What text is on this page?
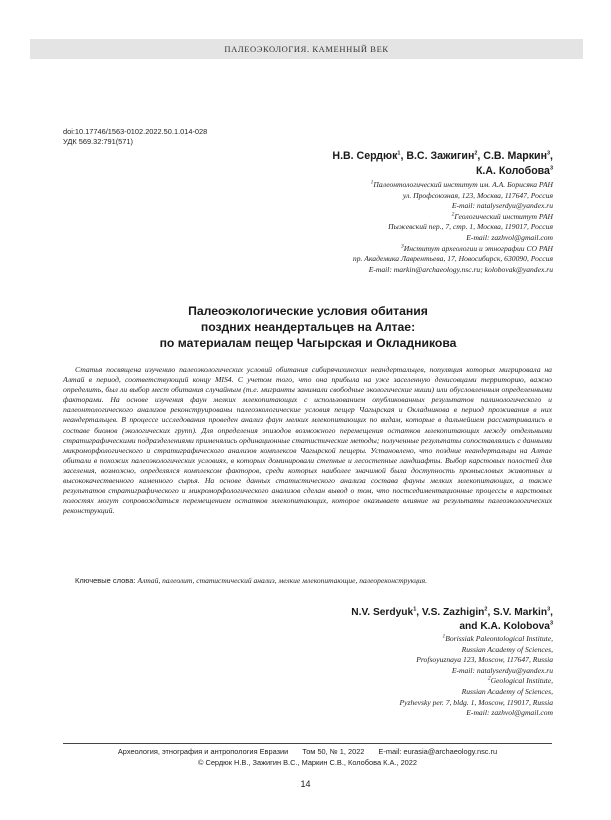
ПАЛЕОЭКОЛОГИЯ. КАМЕННЫЙ ВЕК
doi:10.17746/1563-0102.2022.50.1.014-028
УДК 569.32:791(571)
Н.В. Сердюк$^1$, В.С. Зажигин$^2$, С.В. Маркин$^3$,
К.А. Колобова$^3$
$^1$Палеонтологический институт им. А.А. Борисяка РАН
ул. Профсоюзная, 123, Москва, 117647, Россия
E-mail: natalyserdyu@yandex.ru
$^2$Геологический институт РАН
Пыжевский пер., 7, стр. 1, Москва, 119017, Россия
E-mail: zazhvol@gmail.com
$^3$Институт археологии и этнографии СО РАН
пр. Академика Лаврентьева, 17, Новосибирск, 630090, Россия
E-mail: markin@archaeology.nsc.ru; kolobovak@yandex.ru
Палеоэкологические условия обитания
поздних неандертальцев на Алтае:
по материалам пещер Чагырская и Окладникова

Статья посвящена изучению палеоэкологических условий обитания сибирячихинских неандертальцев, популяция которых мигрировала на Алтай в период, соответствующий концу MIS4. С учетом того, что она прибыла на уже заселенную денисовцами территорию, важно определить, был ли выбор мест обитания случайным (т.е. мигранты занимали свободные экологические ниши) или обусловленным определенными факторами. На основе изучения фаун мелких млекопитающих с использованием опубликованных результатов палинологического и палеонтологического анализов реконструированы палеоэкологические условия пещер Чагырская и Окладникова в период проживания в них неандертальцев. В процессе исследования проведен анализ фаун мелких млекопитающих по видам, которые в дальнейшем рассматривались в составе биомов (экологических групп). Для определения эпизодов возможного перемещения остатков млекопитающих между отдельными стратиграфическими подразделениями применялись ординационные статистические методы; полученные результаты сопоставлялись с данными микроморфологического и стратиграфического анализов комплексов Чагырской пещеры. Установлено, что поздние неандертальцы на Алтае обитали в похожих палеоэкологических условиях, в которых доминировали степные и лесостепные ландшафты. Выбор карстовых полостей для заселения, возможно, определялся комплексом факторов, среди которых наиболее значимой была доступность промысловых животных и высококачественного каменного сырья. На основе данных статистического анализа состава фауны мелких млекопитающих, а также результатов стратиграфического и микроморфологического анализов сделан вывод о том, что постседиментационные процессы в карстовых полостях могут сопровождаться перемещением остатков млекопитающих, которое оказывает влияние на результаты палеоэкологических реконструкций.

Ключевые слова: Алтай, палеолит, статистический анализ, мелкие млекопитающие, палеореконструкция.
N.V. Serdyuk$^1$, V.S. Zazhigin$^2$, S.V. Markin$^3$,
and K.A. Kolobova$^3$
$^1$Borissiak Paleontological Institute,
Russian Academy of Sciences,
Profsoyuznaya 123, Moscow, 117647, Russia
E-mail: natalyserdyu@yandex.ru
$^2$Geological Institute,
Russian Academy of Sciences,
Pyzhevsky per. 7, bldg. 1, Moscow, 119017, Russia
E-mail: zazhvol@gmail.com
Археология, этнография и антропология Евразии Том 50, № 1, 2022 E-mail: eurasia@archaeology.nsc.ru
© Сердюк Н.В., Зажигин В.С., Маркин С.В., Колобова К.А., 2022
14
